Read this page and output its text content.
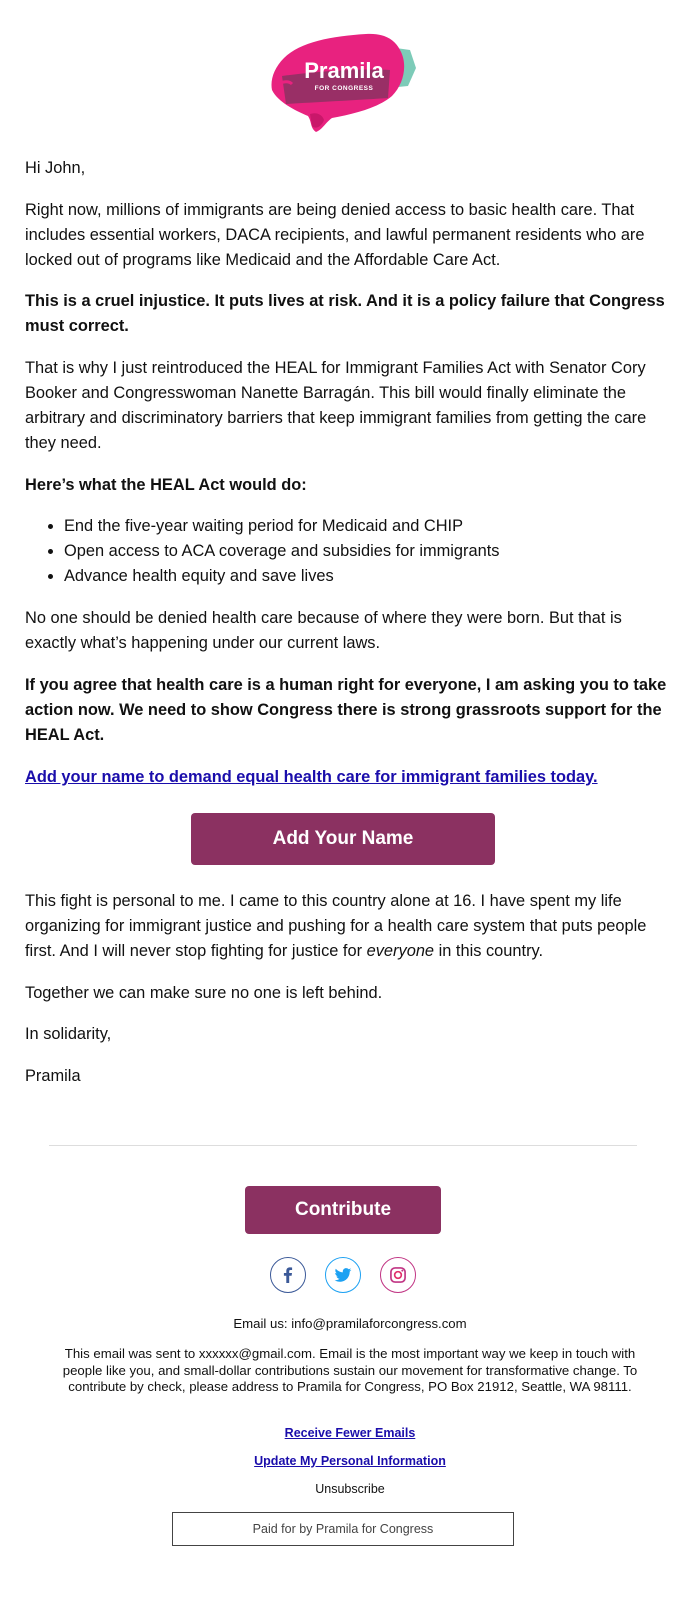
Pramila
FOR CONGRESS

Hi John,

Right now, millions of immigrants are being denied access to basic health care. That includes essential workers, DACA recipients, and lawful permanent residents who are locked out of programs like Medicaid and the Affordable Care Act.

This is a cruel injustice. It puts lives at risk. And it is a policy failure that Congress must correct.

That is why I just reintroduced the HEAL for Immigrant Families Act with Senator Cory Booker and Congresswoman Nanette Barragán. This bill would finally eliminate the arbitrary and discriminatory barriers that keep immigrant families from getting the care they need.

Here’s what the HEAL Act would do:

• End the five-year waiting period for Medicaid and CHIP
• Open access to ACA coverage and subsidies for immigrants
• Advance health equity and save lives

No one should be denied health care because of where they were born. But that is exactly what’s happening under our current laws.

If you agree that health care is a human right for everyone, I am asking you to take action now. We need to show Congress there is strong grassroots support for the HEAL Act.

Add your name to demand equal health care for immigrant families today.

Add Your Name

This fight is personal to me. I came to this country alone at 16. I have spent my life organizing for immigrant justice and pushing for a health care system that puts people first. And I will never stop fighting for justice for everyone in this country.

Together we can make sure no one is left behind.

In solidarity,

Pramila

Contribute
Email us: info@pramilaforcongress.com
This email was sent to xxxxxx@gmail.com. Email is the most important way we keep in touch with people like you, and small-dollar contributions sustain our movement for transformative change. To contribute by check, please address to Pramila for Congress, PO Box 21912, Seattle, WA 98111.
Receive Fewer Emails
Update My Personal Information
Unsubscribe
Paid for by Pramila for Congress
